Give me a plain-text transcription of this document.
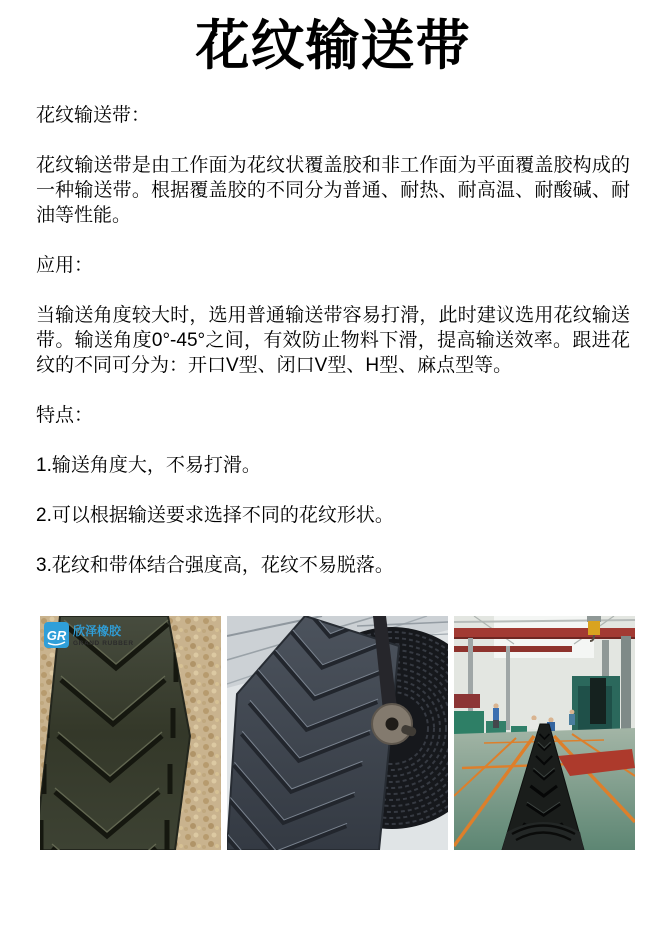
花纹输送带

花纹输送带：

花纹输送带是由工作面为花纹状覆盖胶和非工作面为平面覆盖胶构成的一种输送带。根据覆盖胶的不同分为普通、耐热、耐高温、耐酸碱、耐油等性能。

应用：

当输送角度较大时，选用普通输送带容易打滑，此时建议选用花纹输送带。输送角度0°-45°之间，有效防止物料下滑，提高输送效率。跟进花纹的不同可分为：开口V型、闭口V型、H型、麻点型等。

特点：

1.输送角度大，不易打滑。

2.可以根据输送要求选择不同的花纹形状。

3.花纹和带体结合强度高，花纹不易脱落。

GR 欣泽橡胶
GRAND RUBBER
